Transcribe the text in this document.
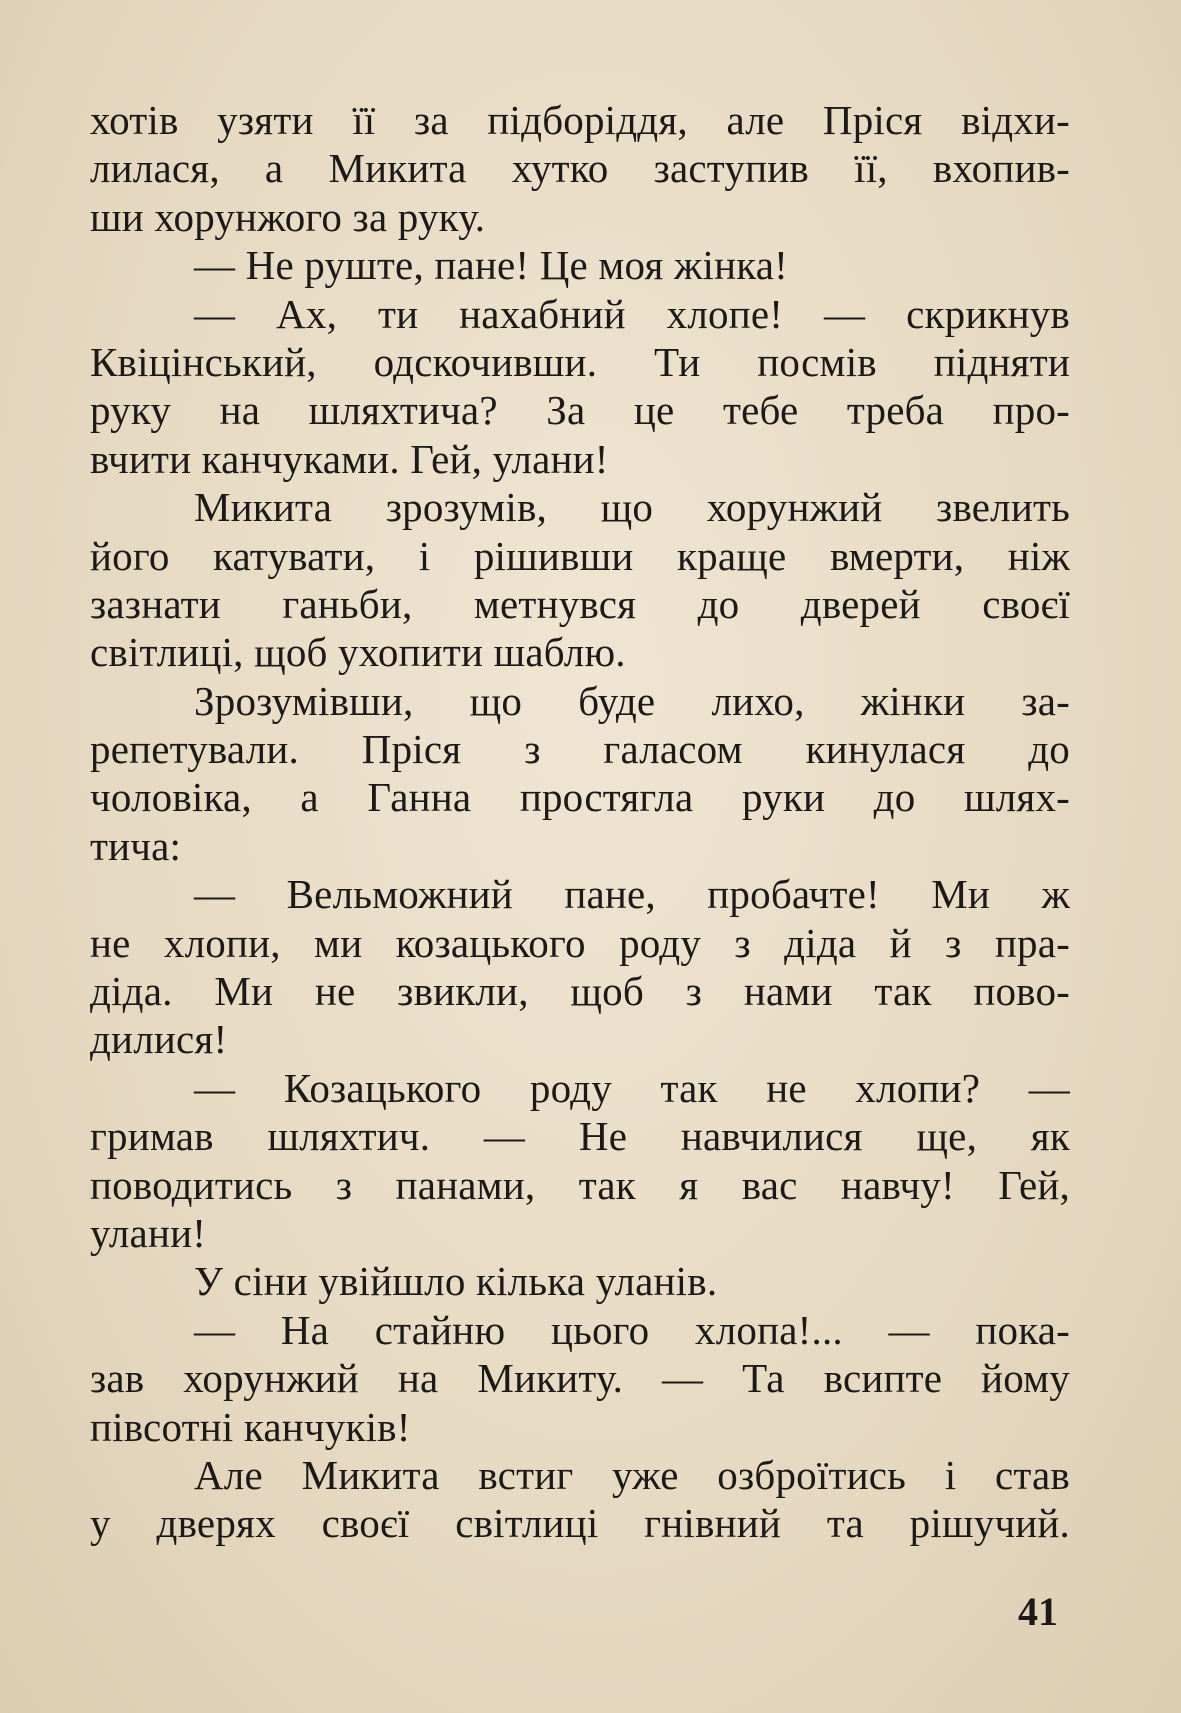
хотів узяти її за підборіддя, але Пріся відхи-
лилася, а Микита хутко заступив її, вхопив-
ши хорунжого за руку.
— Не руште, пане! Це моя жінка!
— Ах, ти нахабний хлопе! — скрикнув
Квіцінський, одскочивши. Ти посмів підняти
руку на шляхтича? За це тебе треба про-
вчити канчуками. Гей, улани!
Микита зрозумів, що хорунжий звелить
його катувати, і рішивши краще вмерти, ніж
зазнати ганьби, метнувся до дверей своєї
світлиці, щоб ухопити шаблю.
Зрозумівши, що буде лихо, жінки за-
репетували. Пріся з галасом кинулася до
чоловіка, а Ганна простягла руки до шлях-
тича:
— Вельможний пане, пробачте! Ми ж
не хлопи, ми козацького роду з діда й з пра-
діда. Ми не звикли, щоб з нами так пово-
дилися!
— Козацького роду так не хлопи? —
гримав шляхтич. — Не навчилися ще, як
поводитись з панами, так я вас навчу! Гей,
улани!
У сіни увійшло кілька уланів.
— На стайню цього хлопа!... — пока-
зав хорунжий на Микиту. — Та всипте йому
півсотні канчуків!
Але Микита встиг уже озброїтись і став
у дверях своєї світлиці гнівний та рішучий.
41
